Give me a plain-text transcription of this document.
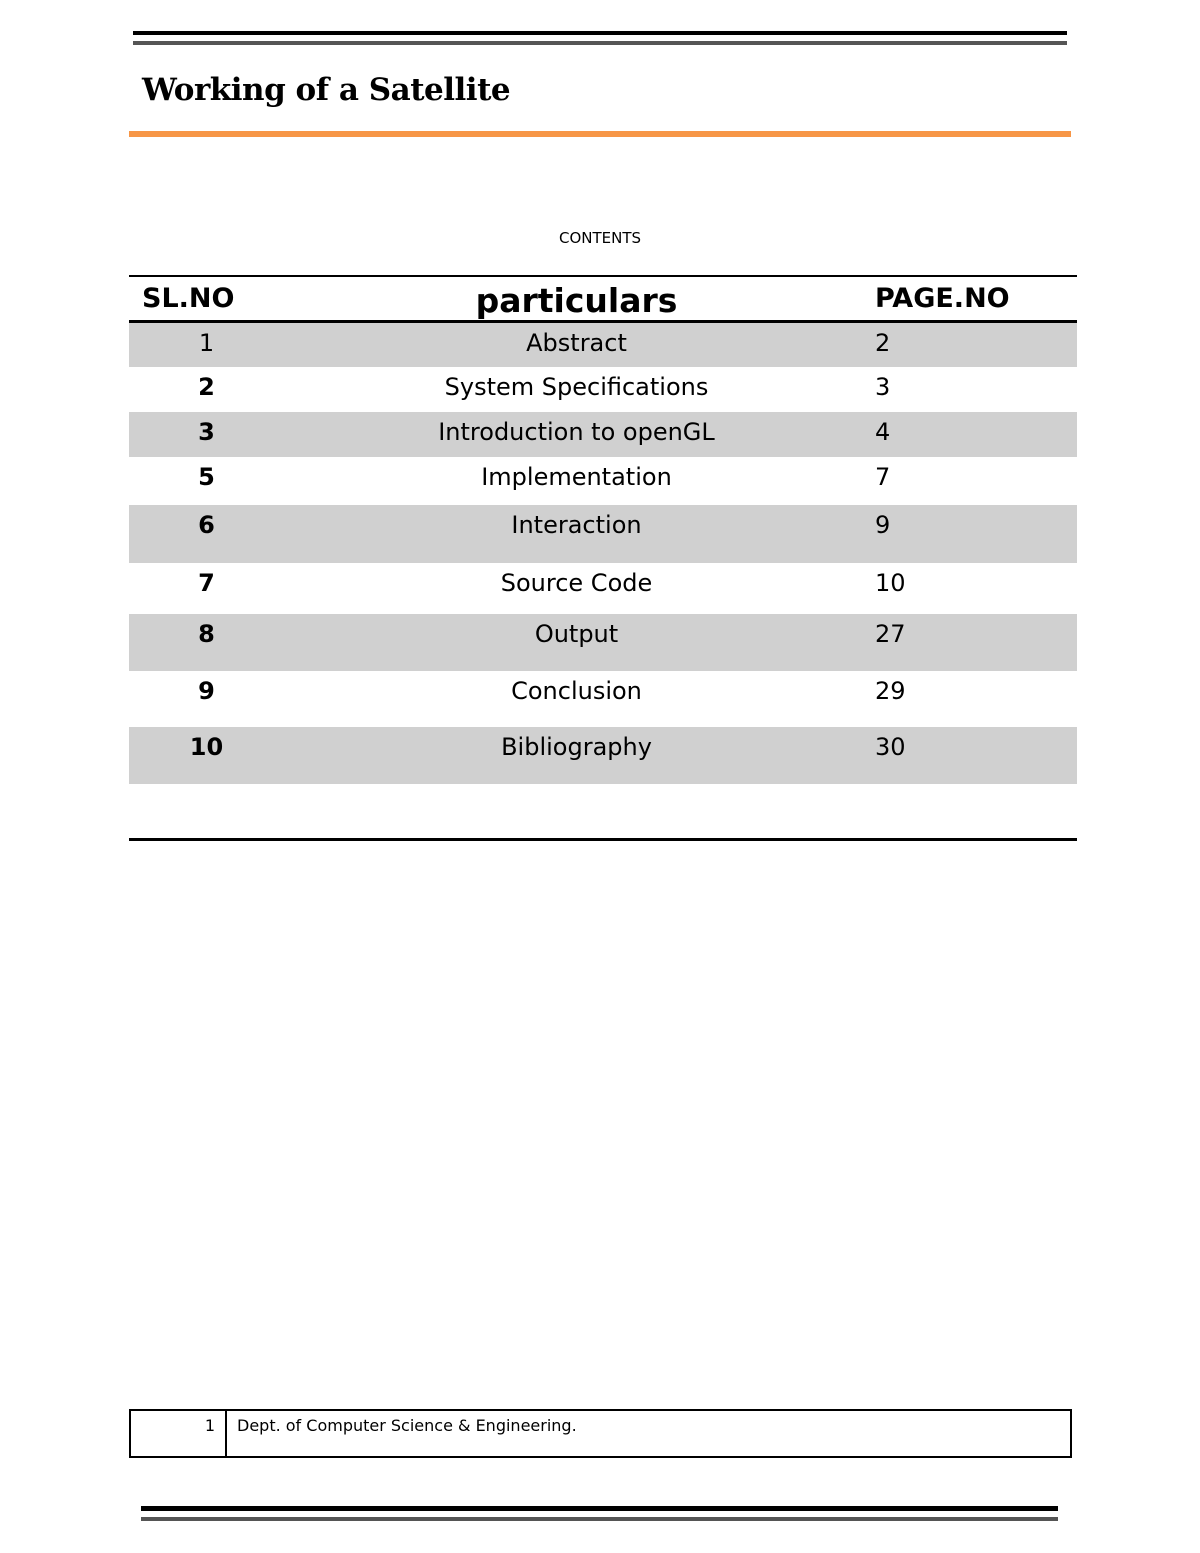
Working of a Satellite
CONTENTS
SL.NO	particulars	PAGE.NO
1	Abstract	2
2	System Specifications	3
3	Introduction to openGL	4
5	Implementation	7
6	Interaction	9
7	Source Code	10
8	Output	27
9	Conclusion	29
10	Bibliography	30
1	Dept. of Computer Science & Engineering.
